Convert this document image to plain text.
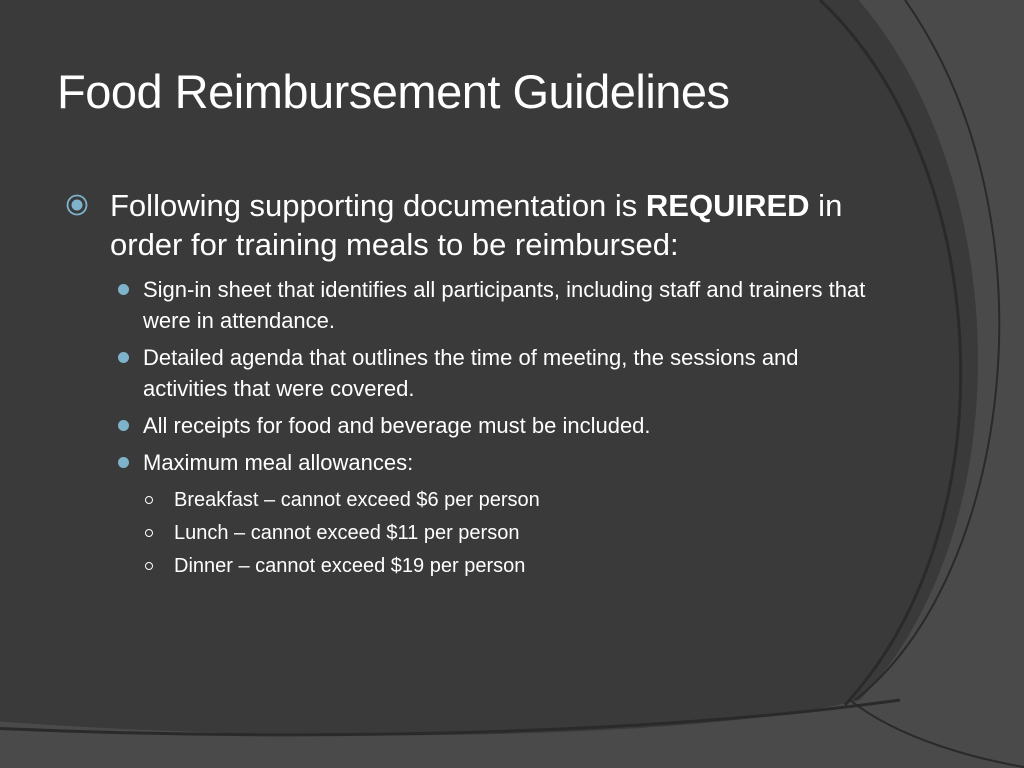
Food Reimbursement Guidelines

Following supporting documentation is REQUIRED in order for training meals to be reimbursed:

Sign-in sheet that identifies all participants, including staff and trainers that were in attendance.
Detailed agenda that outlines the time of meeting, the sessions and activities that were covered.
All receipts for food and beverage must be included.
Maximum meal allowances:
Breakfast – cannot exceed $6 per person
Lunch – cannot exceed $11 per person
Dinner – cannot exceed $19 per person
